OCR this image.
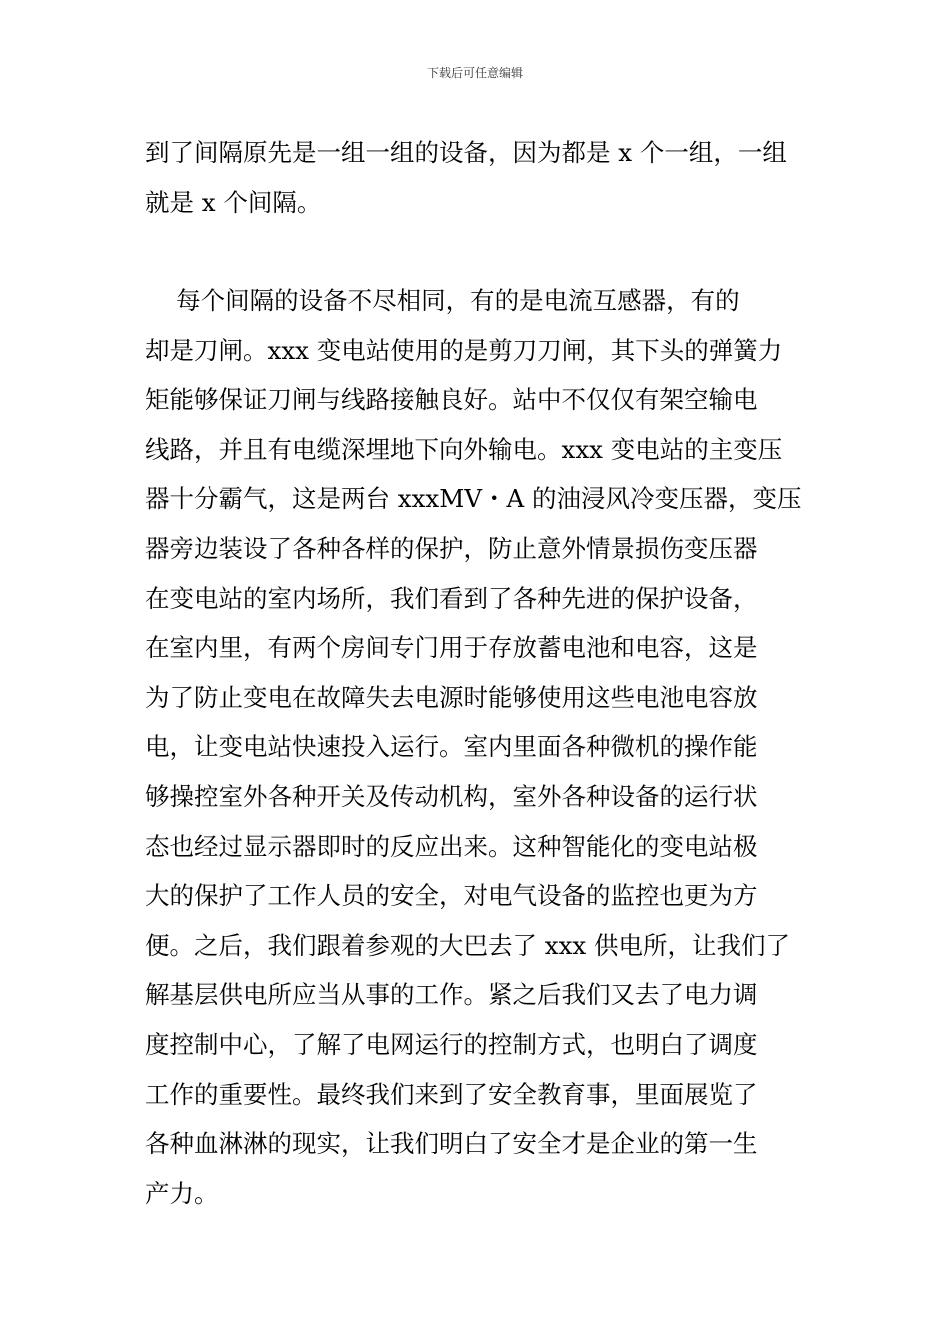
下载后可任意编辑
到了间隔原先是一组一组的设备，因为都是 x 个一组，一组
就是 x 个间隔。
每个间隔的设备不尽相同，有的是电流互感器，有的
却是刀闸。xxx 变电站使用的是剪刀刀闸，其下头的弹簧力
矩能够保证刀闸与线路接触良好。站中不仅仅有架空输电
线路，并且有电缆深埋地下向外输电。xxx 变电站的主变压
器十分霸气，这是两台 xxxMV・A 的油浸风冷变压器，变压
器旁边装设了各种各样的保护，防止意外情景损伤变压器
在变电站的室内场所，我们看到了各种先进的保护设备，
在室内里，有两个房间专门用于存放蓄电池和电容，这是
为了防止变电在故障失去电源时能够使用这些电池电容放
电，让变电站快速投入运行。室内里面各种微机的操作能
够操控室外各种开关及传动机构，室外各种设备的运行状
态也经过显示器即时的反应出来。这种智能化的变电站极
大的保护了工作人员的安全，对电气设备的监控也更为方
便。之后，我们跟着参观的大巴去了 xxx 供电所，让我们了
解基层供电所应当从事的工作。紧之后我们又去了电力调
度控制中心，了解了电网运行的控制方式，也明白了调度
工作的重要性。最终我们来到了安全教育事，里面展览了
各种血淋淋的现实，让我们明白了安全才是企业的第一生
产力。
